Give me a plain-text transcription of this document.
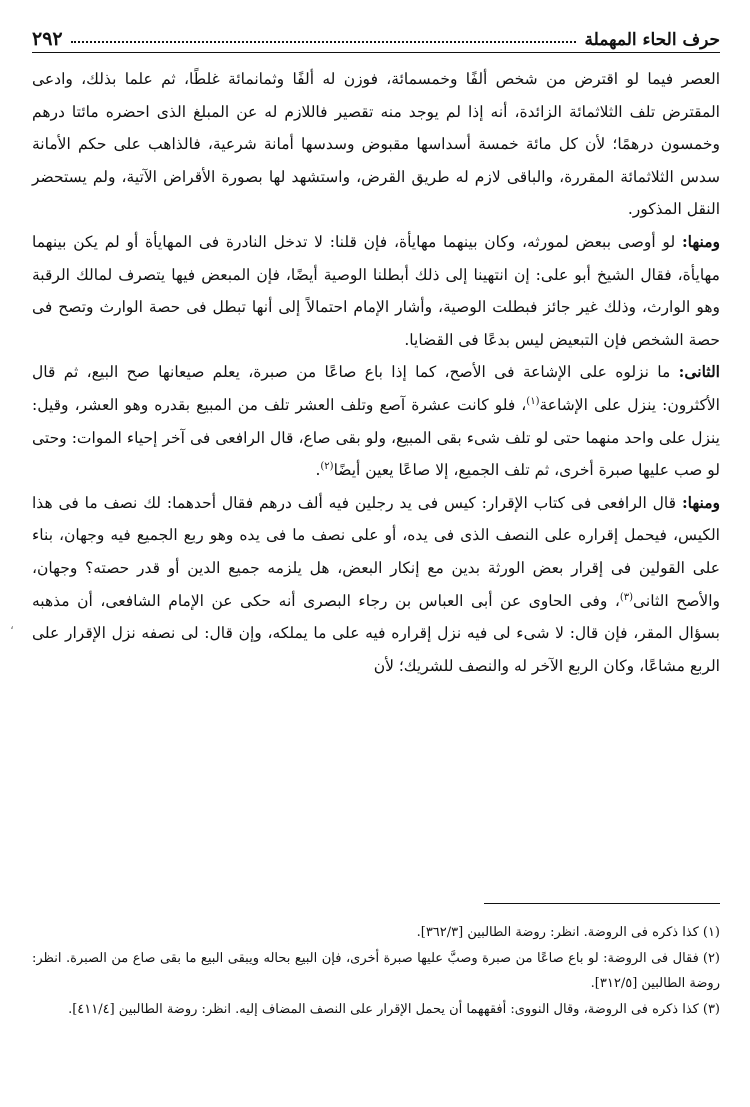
حرف الحاء المهملة
٢٩٢

العصر فيما لو اقترض من شخص ألفًا وخمسمائة، فوزن له ألفًا وثمانمائة غلطًا، ثم علما بذلك، وادعى المقترض تلف الثلاثمائة الزائدة، أنه إذا لم يوجد منه تقصير فاللازم له عن المبلغ الذى احضره مائتا درهم وخمسون درهمًا؛ لأن كل مائة خمسة أسداسها مقبوض وسدسها أمانة شرعية، فالذاهب على حكم الأمانة سدس الثلاثمائة المقررة، والباقى لازم له طريق القرض، واستشهد لها بصورة الأقراض الآتية، ولم يستحضر النقل المذكور.

ومنها: لو أوصى ببعض لمورثه، وكان بينهما مهايأة، فإن قلنا: لا تدخل النادرة فى المهايأة أو لم يكن بينهما مهايأة، فقال الشيخ أبو على: إن انتهينا إلى ذلك أبطلنا الوصية أيضًا، فإن المبعض فيها يتصرف لمالك الرقبة وهو الوارث، وذلك غير جائز فبطلت الوصية، وأشار الإمام احتمالاً إلى أنها تبطل فى حصة الوارث وتصح فى حصة الشخص فإن التبعيض ليس بدعًا فى القضايا.

الثانى: ما نزلوه على الإشاعة فى الأصح، كما إذا باع صاعًا من صبرة، يعلم صيعانها صح البيع، ثم قال الأكثرون: ينزل على الإشاعة$^{(١)}$، فلو كانت عشرة آصع وتلف العشر تلف من المبيع بقدره وهو العشر، وقيل: ينزل على واحد منهما حتى لو تلف شىء بقى المبيع، ولو بقى صاع، قال الرافعى فى آخر إحياء الموات: وحتى لو صب عليها صبرة أخرى، ثم تلف الجميع، إلا صاعًا يعين أيضًا$^{(٢)}$.

ومنها: قال الرافعى فى كتاب الإقرار: كيس فى يد رجلين فيه ألف درهم فقال أحدهما: لك نصف ما فى هذا الكيس، فيحمل إقراره على النصف الذى فى يده، أو على نصف ما فى يده وهو ربع الجميع فيه وجهان، بناء على القولين فى إقرار بعض الورثة بدين مع إنكار البعض، هل يلزمه جميع الدين أو قدر حصته؟ وجهان، والأصح الثانى$^{(٣)}$، وفى الحاوى عن أبى العباس بن رجاء البصرى أنه حكى عن الإمام الشافعى، أن مذهبه بسؤال المقر، فإن قال: لا شىء لى فيه نزل إقراره فيه على ما يملكه، وإن قال: لى نصفه نزل الإقرار على الربع مشاعًا، وكان الربع الآخر له والنصف للشريك؛ لأن

(١)كذا ذكره فى الروضة. انظر: روضة الطالبين [٣٦٢/٣].

(٢)فقال فى الروضة: لو باع صاعًا من صبرة وصبَّ عليها صبرة أخرى، فإن البيع بحاله ويبقى البيع ما بقى صاع من الصبرة. انظر: روضة الطالبين [٣١٢/٥].

(٣)كذا ذكره فى الروضة، وقال النووى: أفقههما أن يحمل الإقرار على النصف المضاف إليه. انظر: روضة الطالبين [٤١١/٤].

،
